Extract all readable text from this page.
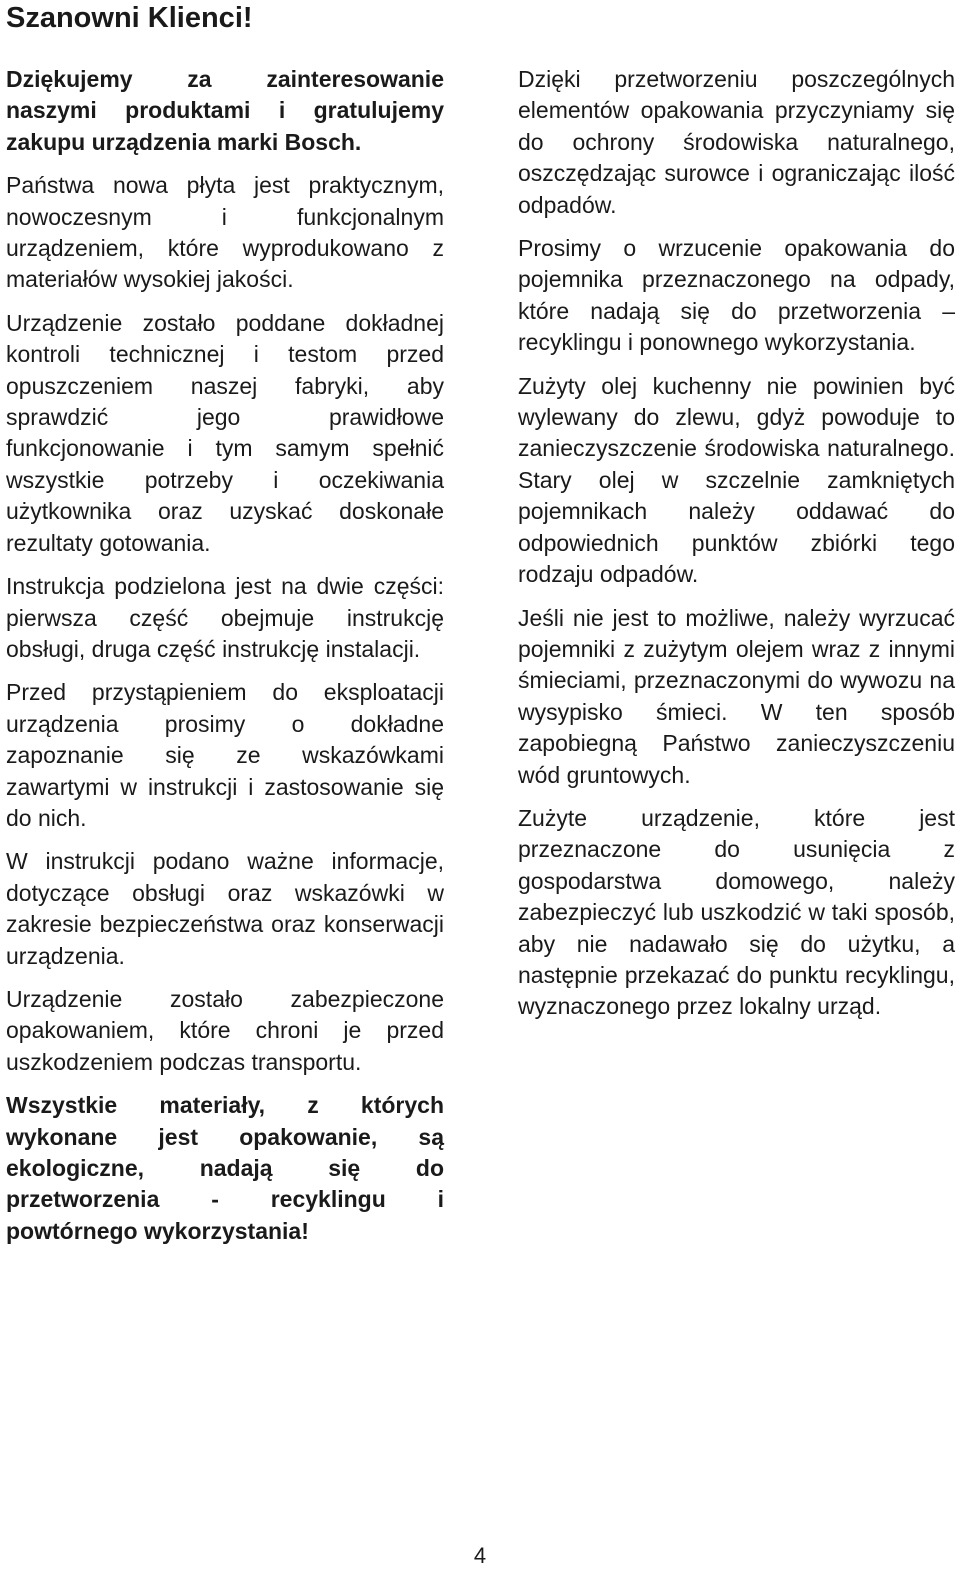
Szanowni Klienci!

Dziękujemy za zainteresowanie naszymi produktami i gratulujemy zakupu urządzenia marki Bosch.

Państwa nowa płyta jest praktycznym, nowoczesnym i funkcjonalnym urządzeniem, które wyprodukowano z materiałów wysokiej jakości.

Urządzenie zostało poddane dokładnej kontroli technicznej i testom przed opuszczeniem naszej fabryki, aby sprawdzić jego prawidłowe funkcjonowanie i tym samym spełnić wszystkie potrzeby i oczekiwania użytkownika oraz uzyskać doskonałe rezultaty gotowania.

Instrukcja podzielona jest na dwie części: pierwsza część obejmuje instrukcję obsługi, druga część instrukcję instalacji.

Przed przystąpieniem do eksploatacji urządzenia prosimy o dokładne zapoznanie się ze wskazówkami zawartymi w instrukcji i zastosowanie się do nich.

W instrukcji podano ważne informacje, dotyczące obsługi oraz wskazówki w zakresie bezpieczeństwa oraz konserwacji urządzenia.

Urządzenie zostało zabezpieczone opakowaniem, które chroni je przed uszkodzeniem podczas transportu.

Wszystkie materiały, z których wykonane jest opakowanie, są ekologiczne, nadają się do przetworzenia - recyklingu i powtórnego wykorzystania!

Dzięki przetworzeniu poszczególnych elementów opakowania przyczyniamy się do ochrony środowiska naturalnego, oszczędzając surowce i ograniczając ilość odpadów.

Prosimy o wrzucenie opakowania do pojemnika przeznaczonego na odpady, które nadają się do przetworzenia – recyklingu i ponownego wykorzystania.

Zużyty olej kuchenny nie powinien być wylewany do zlewu, gdyż powoduje to zanieczyszczenie środowiska naturalnego. Stary olej w szczelnie zamkniętych pojemnikach należy oddawać do odpowiednich punktów zbiórki tego rodzaju odpadów.

Jeśli nie jest to możliwe, należy wyrzucać pojemniki z zużytym olejem wraz z innymi śmieciami, przeznaczonymi do wywozu na wysypisko śmieci. W ten sposób zapobiegną Państwo zanieczyszczeniu wód gruntowych.

Zużyte urządzenie, które jest przeznaczone do usunięcia z gospodarstwa domowego, należy zabezpieczyć lub uszkodzić w taki sposób, aby nie nadawało się do użytku, a następnie przekazać do punktu recyklingu, wyznaczonego przez lokalny urząd.

4
